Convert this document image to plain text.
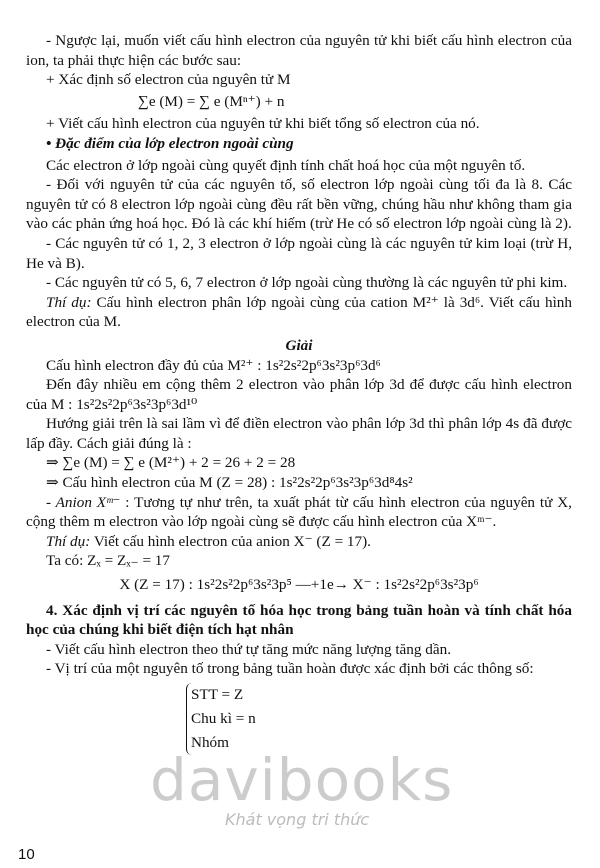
- Ngược lại, muốn viết cấu hình electron của nguyên tử khi biết cấu hình electron của ion, ta phải thực hiện các bước sau:

+ Xác định số electron của nguyên tử M

∑e (M) = ∑ e (Mⁿ⁺) + n

+ Viết cấu hình electron của nguyên tử khi biết tổng số electron của nó.

• Đặc điểm của lớp electron ngoài cùng

Các electron ở lớp ngoài cùng quyết định tính chất hoá học của một nguyên tố.

- Đối với nguyên tử của các nguyên tố, số electron lớp ngoài cùng tối đa là 8. Các nguyên tử có 8 electron lớp ngoài cùng đều rất bền vững, chúng hầu như không tham gia vào các phản ứng hoá học. Đó là các khí hiếm (trừ He có số electron lớp ngoài cùng là 2).

- Các nguyên tử có 1, 2, 3 electron ở lớp ngoài cùng là các nguyên tử kim loại (trừ H, He và B).

- Các nguyên tử có 5, 6, 7 electron ở lớp ngoài cùng thường là các nguyên tử phi kim.

Thí dụ: Cấu hình electron phân lớp ngoài cùng của cation M²⁺ là 3d⁶. Viết cấu hình electron của M.

Giải

Cấu hình electron đầy đủ của M²⁺ : 1s²2s²2p⁶3s²3p⁶3d⁶

Đến đây nhiều em cộng thêm 2 electron vào phân lớp 3d để được cấu hình electron của M : 1s²2s²2p⁶3s²3p⁶3d¹⁰

Hướng giải trên là sai lầm vì để điền electron vào phân lớp 3d thì phân lớp 4s đã được lấp đầy. Cách giải đúng là :

⇒ ∑e (M) = ∑ e (M²⁺) + 2 = 26 + 2 = 28

⇒ Cấu hình electron của M (Z = 28) : 1s²2s²2p⁶3s²3p⁶3d⁸4s²

- Anion Xᵐ⁻ : Tương tự như trên, ta xuất phát từ cấu hình electron của nguyên tử X, cộng thêm m electron vào lớp ngoài cùng sẽ được cấu hình electron của Xᵐ⁻.

Thí dụ: Viết cấu hình electron của anion X⁻ (Z = 17).

Ta có: Zₓ = Zₓ₋ = 17

X (Z = 17) : 1s²2s²2p⁶3s²3p⁵ —+1e→ X⁻ : 1s²2s²2p⁶3s²3p⁶

4. Xác định vị trí các nguyên tố hóa học trong bảng tuần hoàn và tính chất hóa học của chúng khi biết điện tích hạt nhân

- Viết cấu hình electron theo thứ tự tăng mức năng lượng tăng dần.

- Vị trí của một nguyên tố trong bảng tuần hoàn được xác định bởi các thông số:

STT = Z
Chu kì = n
Nhóm
davibooks
Khát vọng tri thức
10
